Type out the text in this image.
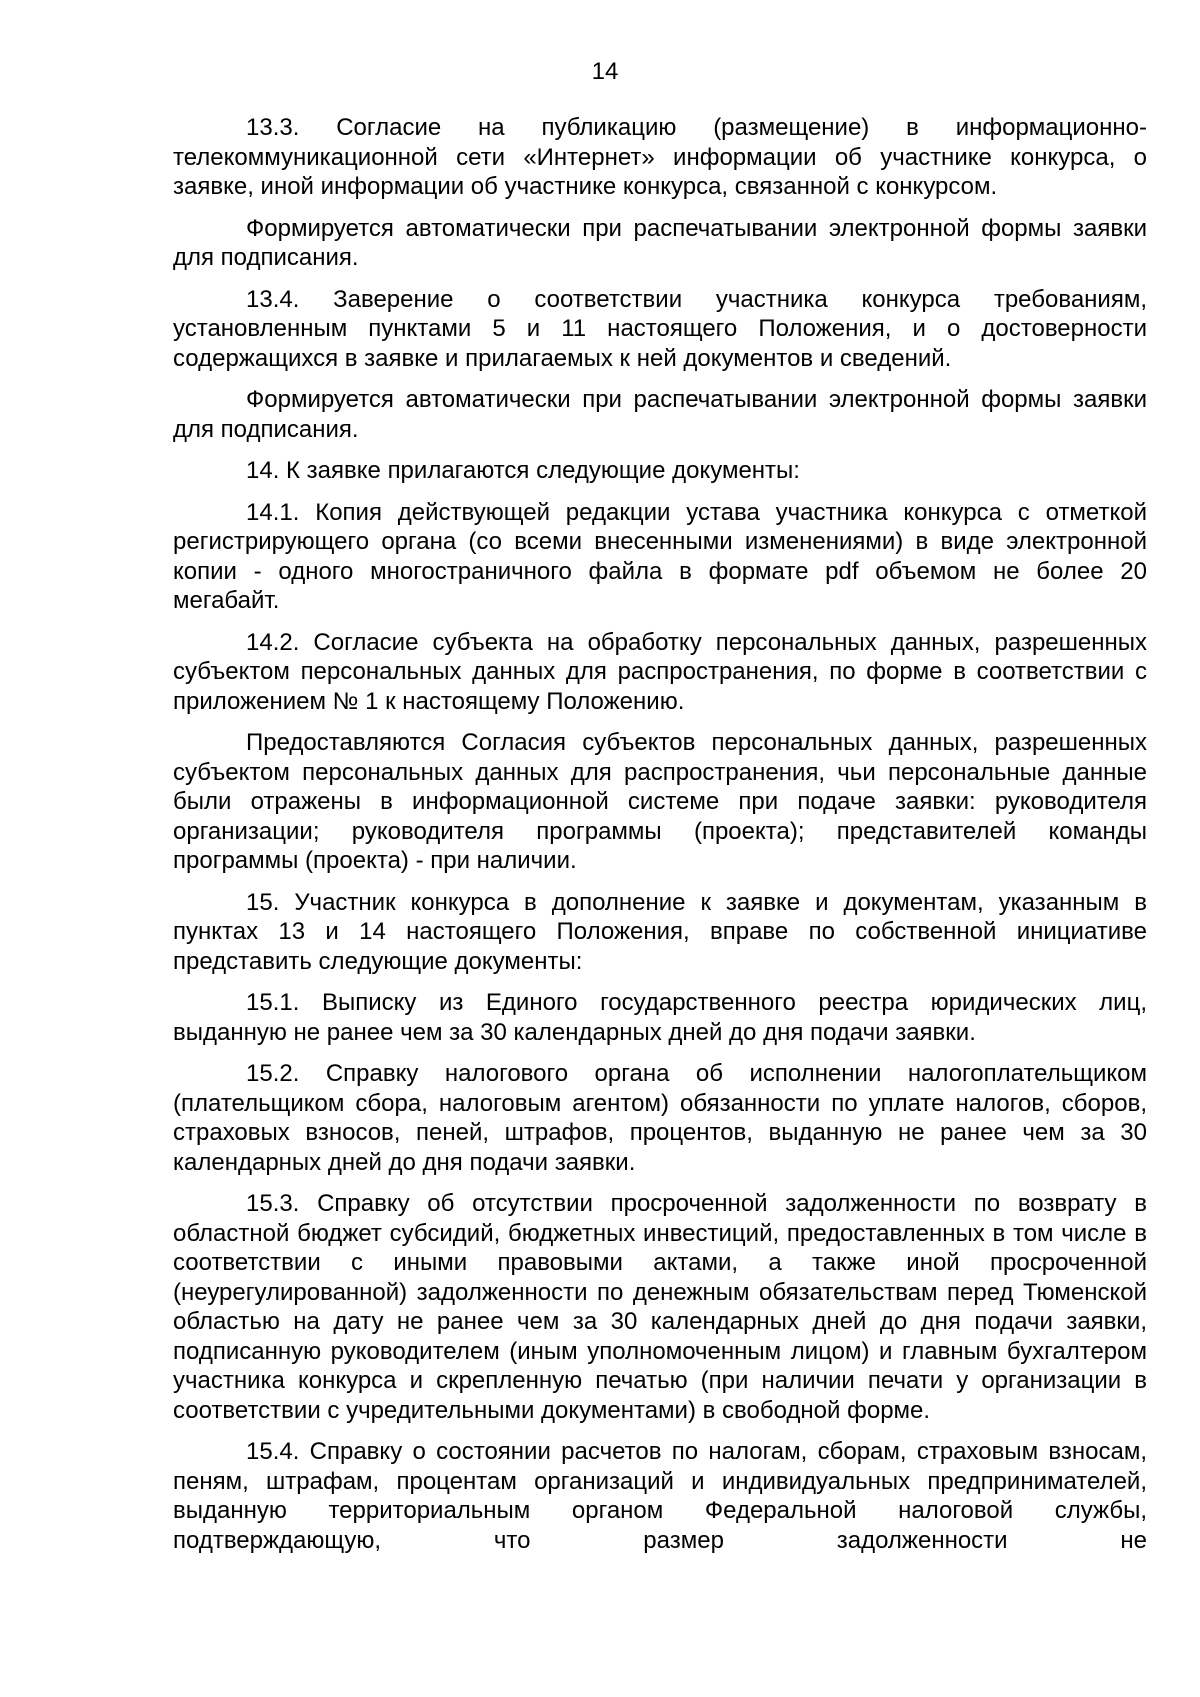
14

13.3. Согласие на публикацию (размещение) в информационно-телекоммуникационной сети «Интернет» информации об участнике конкурса, о заявке, иной информации об участнике конкурса, связанной с конкурсом.

Формируется автоматически при распечатывании электронной формы заявки для подписания.

13.4. Заверение о соответствии участника конкурса требованиям, установленным пунктами 5 и 11 настоящего Положения, и о достоверности содержащихся в заявке и прилагаемых к ней документов и сведений.

Формируется автоматически при распечатывании электронной формы заявки для подписания.

14. К заявке прилагаются следующие документы:

14.1. Копия действующей редакции устава участника конкурса с отметкой регистрирующего органа (со всеми внесенными изменениями) в виде электронной копии - одного многостраничного файла в формате pdf объемом не более 20 мегабайт.

14.2. Согласие субъекта на обработку персональных данных, разрешенных субъектом персональных данных для распространения, по форме в соответствии с приложением № 1 к настоящему Положению.

Предоставляются Согласия субъектов персональных данных, разрешенных субъектом персональных данных для распространения, чьи персональные данные были отражены в информационной системе при подаче заявки: руководителя организации; руководителя программы (проекта); представителей команды программы (проекта) - при наличии.

15. Участник конкурса в дополнение к заявке и документам, указанным в пунктах 13 и 14 настоящего Положения, вправе по собственной инициативе представить следующие документы:

15.1. Выписку из Единого государственного реестра юридических лиц, выданную не ранее чем за 30 календарных дней до дня подачи заявки.

15.2. Справку налогового органа об исполнении налогоплательщиком (плательщиком сбора, налоговым агентом) обязанности по уплате налогов, сборов, страховых взносов, пеней, штрафов, процентов, выданную не ранее чем за 30 календарных дней до дня подачи заявки.

15.3. Справку об отсутствии просроченной задолженности по возврату в областной бюджет субсидий, бюджетных инвестиций, предоставленных в том числе в соответствии с иными правовыми актами, а также иной просроченной (неурегулированной) задолженности по денежным обязательствам перед Тюменской областью на дату не ранее чем за 30 календарных дней до дня подачи заявки, подписанную руководителем (иным уполномоченным лицом) и главным бухгалтером участника конкурса и скрепленную печатью (при наличии печати у организации в соответствии с учредительными документами) в свободной форме.

15.4. Справку о состоянии расчетов по налогам, сборам, страховым взносам, пеням, штрафам, процентам организаций и индивидуальных предпринимателей, выданную территориальным органом Федеральной налоговой службы, подтверждающую, что размер задолженности не
